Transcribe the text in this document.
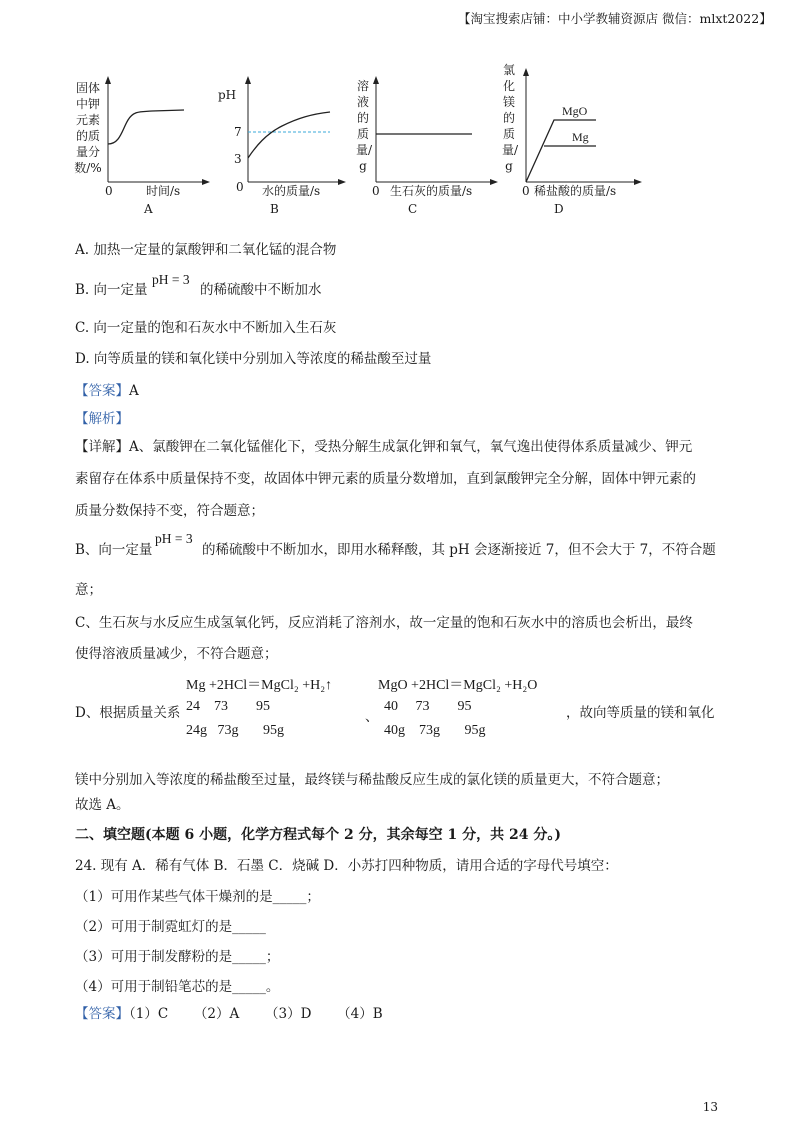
【淘宝搜索店铺：中小学教辅资源店 微信：mlxt2022】
固体中钾元素的质量分数/%
0	时间/s
A
pH
7
3
0 水的质量/s
B
溶液的质量/g
0 生石灰的质量/s
C
氯化镁的质量/g
MgO
Mg
0 稀盐酸的质量/s
D
A. 加热一定量的氯酸钾和二氧化锰的混合物
B. 向一定量
pH = 3
的稀硫酸中不断加水
C. 向一定量的饱和石灰水中不断加入生石灰
D. 向等质量的镁和氧化镁中分别加入等浓度的稀盐酸至过量
【答案】A
【解析】
【详解】A、氯酸钾在二氧化锰催化下，受热分解生成氯化钾和氧气，氧气逸出使得体系质量减少、钾元
素留存在体系中质量保持不变，故固体中钾元素的质量分数增加，直到氯酸钾完全分解，固体中钾元素的
质量分数保持不变，符合题意；
B、向一定量
pH = 3
的稀硫酸中不断加水，即用水稀释酸，其 pH 会逐渐接近 7，但不会大于 7，不符合题
意；
C、生石灰与水反应生成氢氧化钙，反应消耗了溶剂水，故一定量的饱和石灰水中的溶质也会析出，最终
使得溶液质量减少，不符合题意；
Mg +2HCl＝MgCl₂ +H₂↑
24    73        95
24g   73g       95g
D、根据质量关系	、
MgO +2HCl＝MgCl₂ +H₂O
40     73        95
40g    73g       95g
，故向等质量的镁和氧化
镁中分别加入等浓度的稀盐酸至过量，最终镁与稀盐酸反应生成的氯化镁的质量更大，不符合题意；
故选 A。
二、填空题(本题 6 小题，化学方程式每个 2 分，其余每空 1 分，共 24 分。)
24. 现有 A．稀有气体 B．石墨 C．烧碱 D．小苏打四种物质，请用合适的字母代号填空：
（1）可用作某些气体干燥剂的是_____；
（2）可用于制霓虹灯的是_____
（3）可用于制发酵粉的是_____；
（4）可用于制铅笔芯的是_____。
【答案】（1）C      （2）A      （3）D      （4）B
13
